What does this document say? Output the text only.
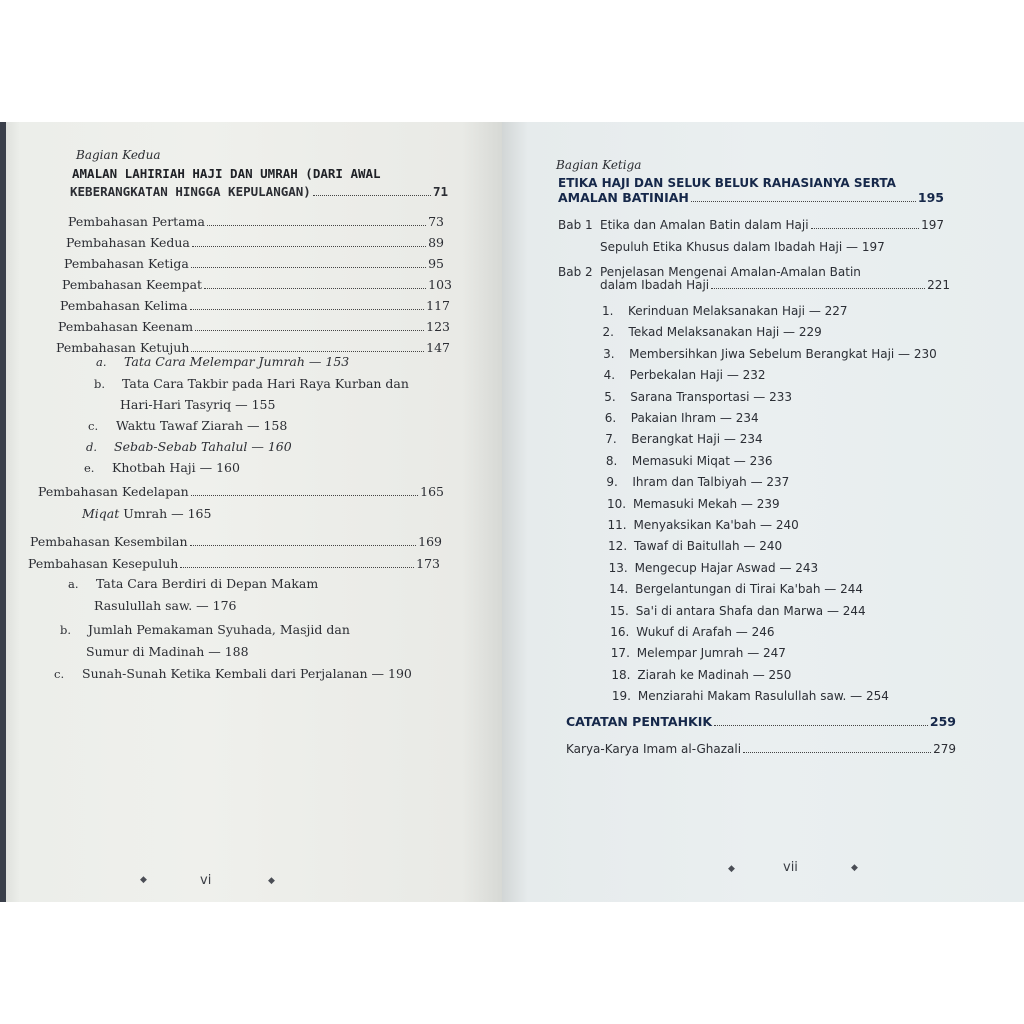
Bagian Kedua
AMALAN LAHIRIAH HAJI DAN UMRAH (DARI AWAL
KEBERANGKATAN HINGGA KEPULANGAN)	71
Pembahasan Pertama	73
Pembahasan Kedua	89
Pembahasan Ketiga	95
Pembahasan Keempat	103
Pembahasan Kelima	117
Pembahasan Keenam	123
Pembahasan Ketujuh	147
a. Tata Cara Melempar Jumrah — 153
b. Tata Cara Takbir pada Hari Raya Kurban dan
Hari-Hari Tasyriq — 155
c. Waktu Tawaf Ziarah — 158
d. Sebab-Sebab Tahalul — 160
e. Khotbah Haji — 160
Pembahasan Kedelapan	165
Miqat Umrah — 165
Pembahasan Kesembilan	169
Pembahasan Kesepuluh	173
a. Tata Cara Berdiri di Depan Makam
Rasulullah saw. — 176
b. Jumlah Pemakaman Syuhada, Masjid dan
Sumur di Madinah — 188
c. Sunah-Sunah Ketika Kembali dari Perjalanan — 190
◆	vi	◆
Bagian Ketiga
ETIKA HAJI DAN SELUK BELUK RAHASIANYA SERTA
AMALAN BATINIAH	195
Bab 1 Etika dan Amalan Batin dalam Haji	197
Sepuluh Etika Khusus dalam Ibadah Haji — 197
Bab 2 Penjelasan Mengenai Amalan-Amalan Batin
dalam Ibadah Haji	221
1. Kerinduan Melaksanakan Haji — 227
2. Tekad Melaksanakan Haji — 229
3. Membersihkan Jiwa Sebelum Berangkat Haji — 230
4. Perbekalan Haji — 232
5. Sarana Transportasi — 233
6. Pakaian Ihram — 234
7. Berangkat Haji — 234
8. Memasuki Miqat — 236
9. Ihram dan Talbiyah — 237
10. Memasuki Mekah — 239
11. Menyaksikan Ka'bah — 240
12. Tawaf di Baitullah — 240
13. Mengecup Hajar Aswad — 243
14. Bergelantungan di Tirai Ka'bah — 244
15. Sa'i di antara Shafa dan Marwa — 244
16. Wukuf di Arafah — 246
17. Melempar Jumrah — 247
18. Ziarah ke Madinah — 250
19. Menziarahi Makam Rasulullah saw. — 254
CATATAN PENTAHKIK	259
Karya-Karya Imam al-Ghazali	279
◆	vii	◆
